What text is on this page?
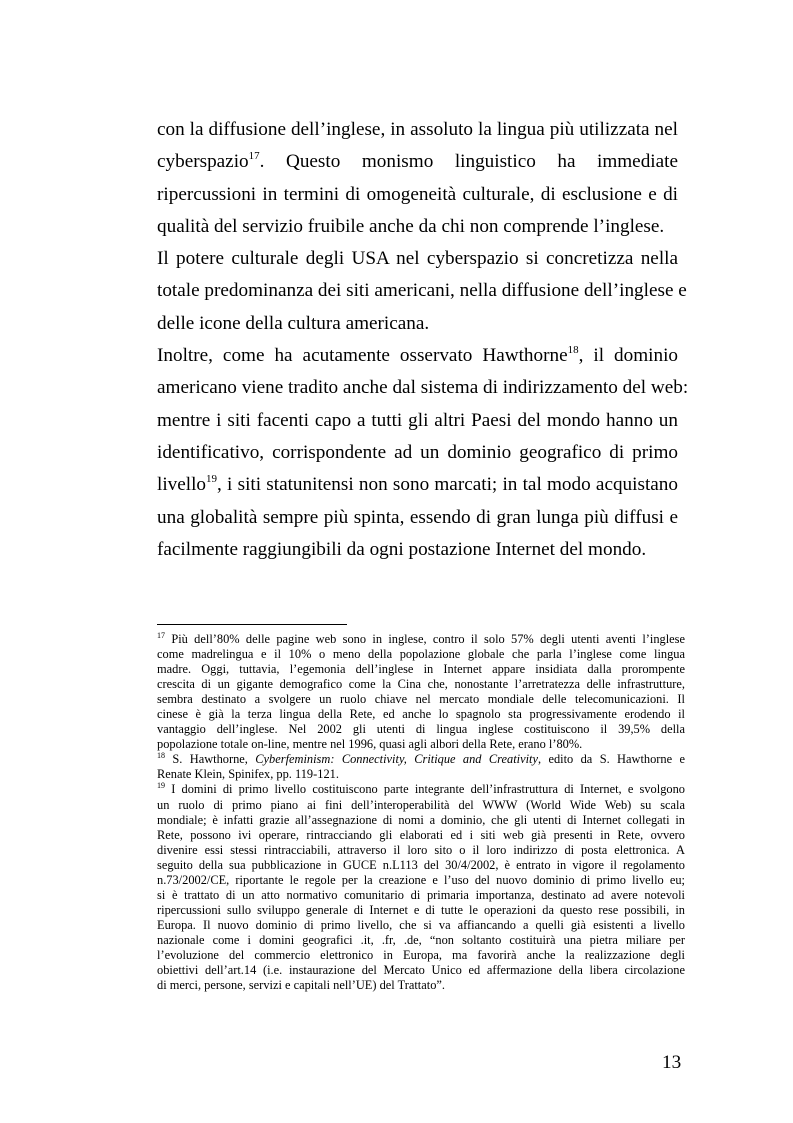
con la diffusione dell’inglese, in assoluto la lingua più utilizzata nel
cyberspazio$^{17}$. Questo monismo linguistico ha immediate
ripercussioni in termini di omogeneità culturale, di esclusione e di
qualità del servizio fruibile anche da chi non comprende l’inglese.

Il potere culturale degli USA nel cyberspazio si concretizza nella
totale predominanza dei siti americani, nella diffusione dell’inglese e
delle icone della cultura americana.

Inoltre, come ha acutamente osservato Hawthorne$^{18}$, il dominio
americano viene tradito anche dal sistema di indirizzamento del web:
mentre i siti facenti capo a tutti gli altri Paesi del mondo hanno un
identificativo, corrispondente ad un dominio geografico di primo
livello$^{19}$, i siti statunitensi non sono marcati; in tal modo acquistano
una globalità sempre più spinta, essendo di gran lunga più diffusi e
facilmente raggiungibili da ogni postazione Internet del mondo.

$^{17}$ Più dell’80% delle pagine web sono in inglese, contro il solo 57% degli utenti aventi l’inglese
come madrelingua e il 10% o meno della popolazione globale che parla l’inglese come lingua
madre. Oggi, tuttavia, l’egemonia dell’inglese in Internet appare insidiata dalla prorompente
crescita di un gigante demografico come la Cina che, nonostante l’arretratezza delle infrastrutture,
sembra destinato a svolgere un ruolo chiave nel mercato mondiale delle telecomunicazioni. Il
cinese è già la terza lingua della Rete, ed anche lo spagnolo sta progressivamente erodendo il
vantaggio dell’inglese. Nel 2002 gli utenti di lingua inglese costituiscono il 39,5% della
popolazione totale on-line, mentre nel 1996, quasi agli albori della Rete, erano l’80%.
$^{18}$ S. Hawthorne, Cyberfeminism: Connectivity, Critique and Creativity, edito da S. Hawthorne e
Renate Klein, Spinifex, pp. 119-121.
$^{19}$ I domini di primo livello costituiscono parte integrante dell’infrastruttura di Internet, e svolgono
un ruolo di primo piano ai fini dell’interoperabilità del WWW (World Wide Web) su scala
mondiale; è infatti grazie all’assegnazione di nomi a dominio, che gli utenti di Internet collegati in
Rete, possono ivi operare, rintracciando gli elaborati ed i siti web già presenti in Rete, ovvero
divenire essi stessi rintracciabili, attraverso il loro sito o il loro indirizzo di posta elettronica. A
seguito della sua pubblicazione in GUCE n.L113 del 30/4/2002, è entrato in vigore il regolamento
n.73/2002/CE, riportante le regole per la creazione e l’uso del nuovo dominio di primo livello eu;
si è trattato di un atto normativo comunitario di primaria importanza, destinato ad avere notevoli
ripercussioni sullo sviluppo generale di Internet e di tutte le operazioni da questo rese possibili, in
Europa. Il nuovo dominio di primo livello, che si va affiancando a quelli già esistenti a livello
nazionale come i domini geografici .it, .fr, .de, “non soltanto costituirà una pietra miliare per
l’evoluzione del commercio elettronico in Europa, ma favorirà anche la realizzazione degli
obiettivi dell’art.14 (i.e. instaurazione del Mercato Unico ed affermazione della libera circolazione
di merci, persone, servizi e capitali nell’UE) del Trattato”.
13
